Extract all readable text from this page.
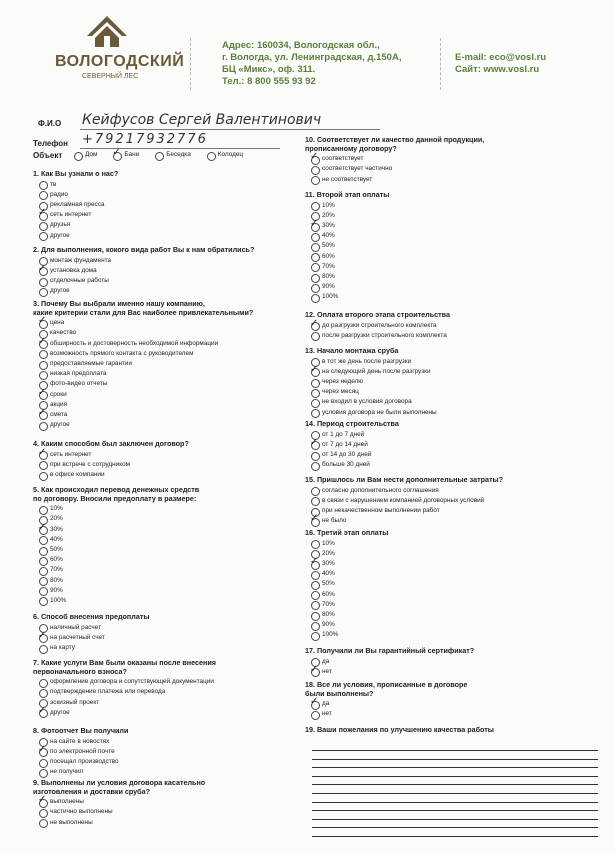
ВОЛОГОДСКИЙ
СЕВЕРНЫЙ ЛЕС
Адрес: 160034, Вологодская обл.,
г. Вологда, ул. Ленинградская, д.150А,
БЦ «Микс», оф. 311.
Тел.: 8 800 555 93 92
E-mail: eco@vosl.ru
Сайт: www.vosl.ru
Ф.И.О Кейфусов Сергей Валентинович
Телефон +79217932776
Объект	Дом ✓ Бани	Беседка	Колодец
1. Как Вы узнали о нас?
тв
радио
рекламная пресса
✓ сеть интернет
друзья
другое
2. Для выполнения, кокого вида работ Вы к нам обратились?
монтаж фундамента
✓ установка дома
отделочные работы
другое
3. Почему Вы выбрали именно нашу компанию,
какие критерии стали для Вас наиболее привлекательными?
✓ цена
качество
✓ обширность и достоверность необходимой информации
возможность прямого контакта с руководителем
предоставляемые гарантии
низкая предоплата
фото-видео отчеты
✓ сроки
акция
✓ смета
другое
4. Каким способом был заключен договор?
✓ сеть интернет
при встрече с сотрудником
в офисе компании
5. Как происходил перевод денежных средств
по договору. Вносили предоплату в размере:
10%
20%
✓ 30%
40%
50%
60%
70%
80%
90%
100%
6. Способ внесения предоплаты
наличный расчет
✓ на расчетный счет
на карту
7. Какие услуги Вам были оказаны после внесения
первоначального взноса?
оформление договора и сопутствующей документации
подтверждение платежа или перевода
эскизный проект
✓ другое
8. Фотоотчет Вы получили
на сайте в новостях
✓ по электронной почте
посещал производство
не получил
9. Выполнены ли условия договора касательно
изготовления и доставки сруба?
✓ выполнены
частично выполнены
не выполнены
10. Соответствует ли качество данной продукции,
прописанному договору?
✓ соответствует
соответствует частично
не соответствует
11. Второй этап оплаты
10%
20%
✓ 30%
40%
50%
60%
70%
80%
90%
100%
12. Оплата второго этапа строительства
✓ до разгрузки строительного комплекта
после разгрузки строительного комплекта
13. Начало монтажа сруба
в тот же день после разгрузки
✓ на следующий день после разгрузки
через неделю
через месяц
не входил в условия договора
условия договора не были выполнены
14. Период строительства
от 1 до 7 дней
✓ от 7 до 14 дней
от 14 до 30 дней
больше 30 дней
15. Пришлось ли Вам нести дополнительные затраты?
согласно дополнительного соглашения
в связи с нарушением компанией договорных условий
при некачественном выполнении работ
✓ не было
16. Третий этап оплаты
10%
20%
✓ 30%
40%
50%
60%
70%
80%
90%
100%
17. Получили ли Вы гарантийный сертификат?
да
✓ нет
18. Все ли условия, прописанные в договоре
были выполнены?
✓ да
нет
19. Ваши пожелания по улучшению качества работы
